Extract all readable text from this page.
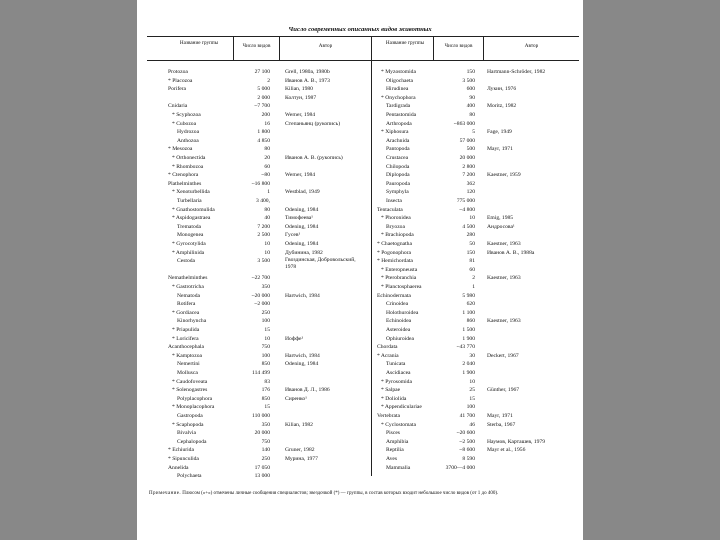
Число современных описанных видов животных
Название группы	Число видов	Автор	Название группы	Число видов	Автор
Protozoa	27 100	Grell, 1980a, 1980b
* Placozoa	2	Иванов А. В., 1973
Porifera	5 000	Kilian, 1980
2 000	Колтун, 1987
Cnidaria	~7 700
* Scyphozoa	200	Werner, 1984
* Cubozoa	16	Степаньянц (рукопись)
Hydrozoa	1 800
Anthozoa	4 850
* Mesozoa	80
* Orthonectida	20	Иванов А. В. (рукопись)
* Rhombozoa	60
* Ctenophora	~80	Werner, 1984
Plathelminthes	~16 800
* Xenoturbellida	1	Westblad, 1949
Turbellaria	3 400,
* Gnathostomulida	80	Odening, 1984
* Aspidogastraea	40	Тимофеева¹
Trematoda	7 200	Odening, 1984
Monogenea	2 500	Гусев¹
* Gyrocotylida	10	Odening, 1984
* Amphilinida	10	Дубинина, 1982
Cestoda	3 500	Гвоздинская, Добровольский, 1978
Nemathelminthes	~22 700
* Gastrotricha	350
Nematoda	~20 000	Hartwich, 1984
Rotifera	~2 000
* Gordiacea	250
Kinorhyncha	100
* Priapulida	15
* Loricifera	10	Иоффе¹
Acanthocephala	750
* Kamptozoa	100	Hartwich, 1984
Nemertini	850	Odening, 1984
Mollusca	114 499
* Caudofoveata	83
* Solenogastres	176	Иванов Д. Л., 1986
Polyplacophora	850	Сиренко¹
* Monoplacophora	15
Gastropoda	110 000
* Scaphopoda	350	Kilian, 1982
Bivalvia	20 000
Cephalopoda	750
* Echiurida	140	Gruner, 1982
* Sipunculida	250	Мурина, 1977
Annelida	17 050
Polychaeta	13 000
* Myzostomida	150 Hartmann-Schröder, 1982
Oligochaeta	3 500
Hirudinea	600 Лукин, 1976
* Onychophora	90
Tardigrada	400 Moritz, 1982
Pentastomida	80
Arthropoda	~863 000
* Xiphosura	5 Fage, 1949
Arachnida	57 000
Pantopoda	500 Mayr, 1971
Crustacea	20 000
Chilopoda	2 800
Diplopoda	7 200 Kaestner, 1959
Pauropoda	362
Symphyla	120
Insecta	775 000
Tentaculata	~4 800
* Phoronidea	10 Emig, 1985
Bryozoa	4 500 Андросова¹
* Brachiopoda	280
* Chaetognatha	50 Kaestner, 1963
* Pogonophora	150 Иванов А. В., 1988a
* Hemichordata	81
* Enteropneusta	60
* Pterobranchia	2 Kaestner, 1963
* Planctosphaerea	1
Echinodermata	5 980
Crinoidea	620
Holothuroidea	1 100
Echinoidea	860 Kaestner, 1963
Asteroidea	1 500
Ophiuroidea	1 900
Chordata	~43 770
* Acrania	30 Deckert, 1967
Tunicata	2 040
Ascidiacea	1 900
* Pyrosomida	10
* Salpae	25 Günther, 1967
* Doliolida	15
* Appendiculariae	100
Vertebrata	41 700 Mayr, 1971
* Cyclostomata	46 Sterba, 1967
Pisces	~20 600
Amphibia	~2 500 Наумов, Карташев, 1979
Reptilia	~8 600 Mayr et al., 1956
Aves	8 590
Mammalia	3700—4 000
Примечание. Плюсом («+») отмечены личные сообщения специалистов; звездочкой (*) — группы, в состав которых входит небольшое число видов (от 1 до 400).
